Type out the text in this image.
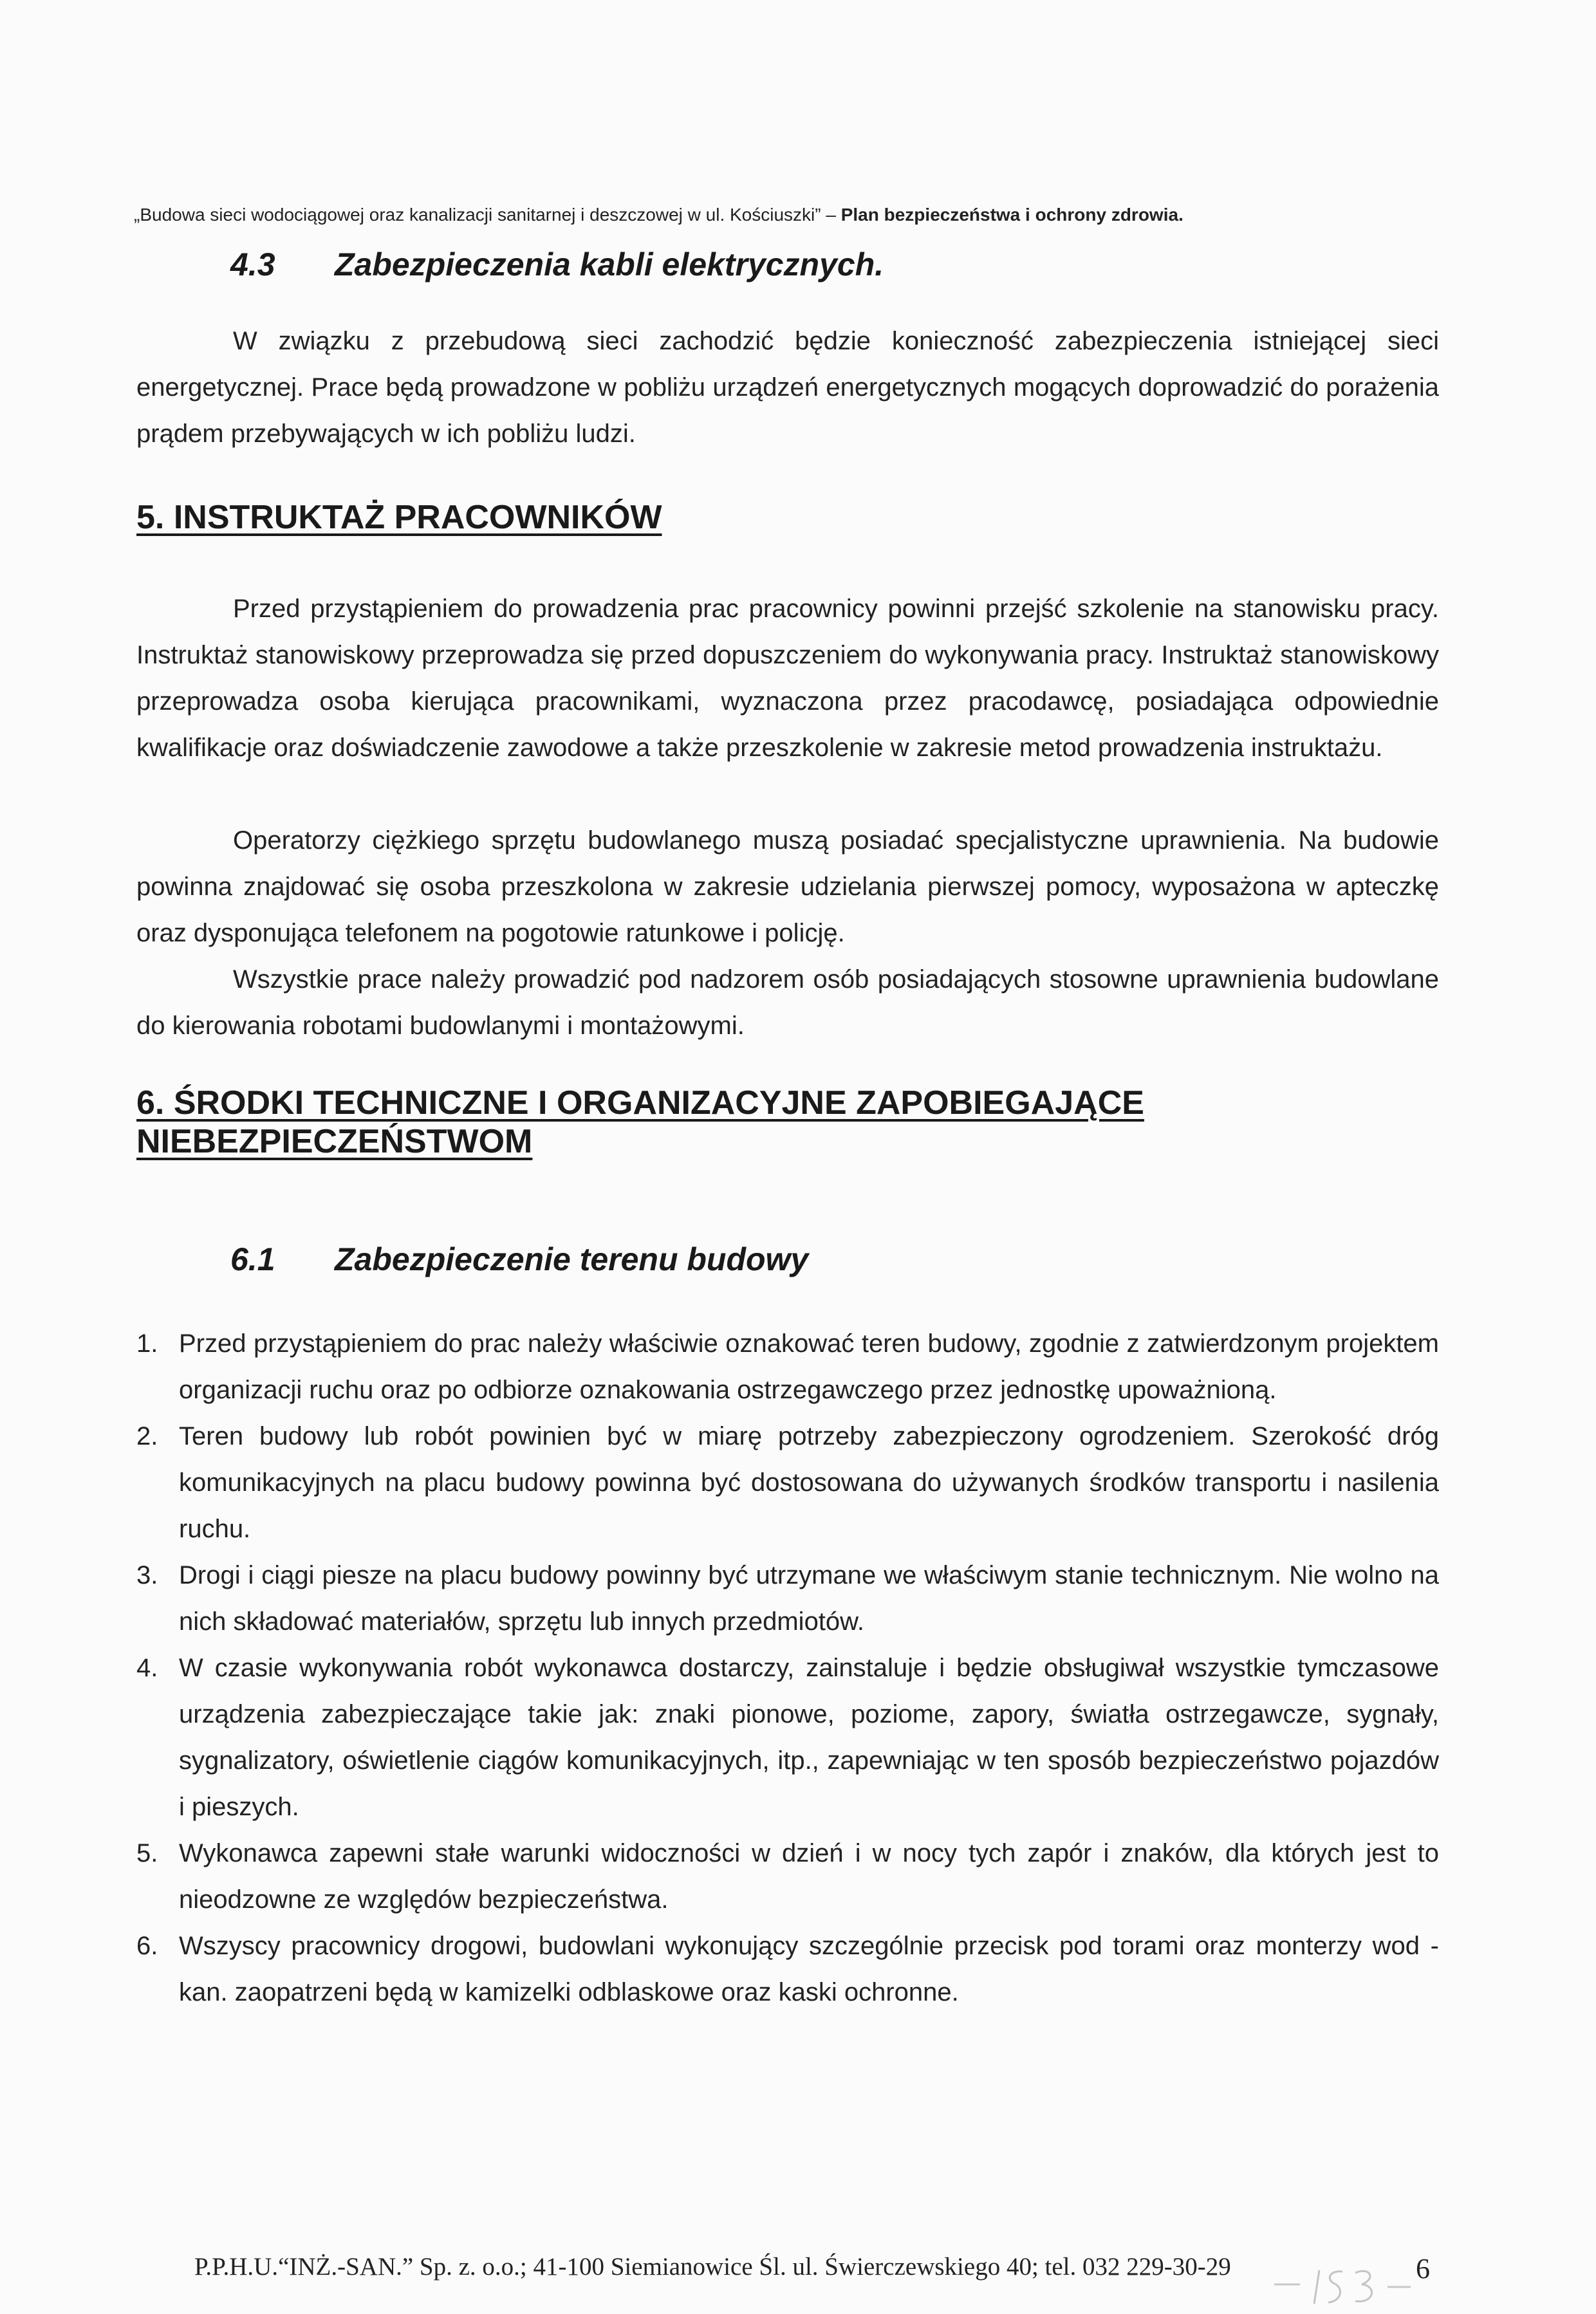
„Budowa sieci wodociągowej oraz kanalizacji sanitarnej i deszczowej w ul. Kościuszki” – Plan bezpieczeństwa i ochrony zdrowia.
4.3 Zabezpieczenia kabli elektrycznych.

W związku z przebudową sieci zachodzić będzie konieczność zabezpieczenia istniejącej sieci energetycznej. Prace będą prowadzone w pobliżu urządzeń energetycznych mogących doprowadzić do porażenia prądem przebywających w ich pobliżu ludzi.

5. INSTRUKTAŻ PRACOWNIKÓW

Przed przystąpieniem do prowadzenia prac pracownicy powinni przejść szkolenie na stanowisku pracy. Instruktaż stanowiskowy przeprowadza się przed dopuszczeniem do wykonywania pracy. Instruktaż stanowiskowy przeprowadza osoba kierująca pracownikami, wyznaczona przez pracodawcę, posiadająca odpowiednie kwalifikacje oraz doświadczenie zawodowe a także przeszkolenie w zakresie metod prowadzenia instruktażu.

Operatorzy ciężkiego sprzętu budowlanego muszą posiadać specjalistyczne uprawnienia. Na budowie powinna znajdować się osoba przeszkolona w zakresie udzielania pierwszej pomocy, wyposażona w apteczkę oraz dysponująca telefonem na pogotowie ratunkowe i policję.

Wszystkie prace należy prowadzić pod nadzorem osób posiadających stosowne uprawnienia budowlane do kierowania robotami budowlanymi i montażowymi.

6. ŚRODKI TECHNICZNE I ORGANIZACYJNE ZAPOBIEGAJĄCE
NIEBEZPIECZEŃSTWOM
6.1 Zabezpieczenie terenu budowy
1. Przed przystąpieniem do prac należy właściwie oznakować teren budowy, zgodnie z zatwierdzonym projektem organizacji ruchu oraz po odbiorze oznakowania ostrzegawczego przez jednostkę upoważnioną.
2. Teren budowy lub robót powinien być w miarę potrzeby zabezpieczony ogrodzeniem. Szerokość dróg komunikacyjnych na placu budowy powinna być dostosowana do używanych środków transportu i nasilenia ruchu.
3. Drogi i ciągi piesze na placu budowy powinny być utrzymane we właściwym stanie technicznym. Nie wolno na nich składować materiałów, sprzętu lub innych przedmiotów.
4. W czasie wykonywania robót wykonawca dostarczy, zainstaluje i będzie obsługiwał wszystkie tymczasowe urządzenia zabezpieczające takie jak: znaki pionowe, poziome, zapory, światła ostrzegawcze, sygnały, sygnalizatory, oświetlenie ciągów komunikacyjnych, itp., zapewniając w ten sposób bezpieczeństwo pojazdów i pieszych.
5. Wykonawca zapewni stałe warunki widoczności w dzień i w nocy tych zapór i znaków, dla których jest to nieodzowne ze względów bezpieczeństwa.
6. Wszyscy pracownicy drogowi, budowlani wykonujący szczególnie przecisk pod torami oraz monterzy wod - kan. zaopatrzeni będą w kamizelki odblaskowe oraz kaski ochronne.
P.P.H.U.“INŻ.-SAN.” Sp. z. o.o.; 41-100 Siemianowice Śl. ul. Świerczewskiego 40; tel. 032 229-30-29	6
